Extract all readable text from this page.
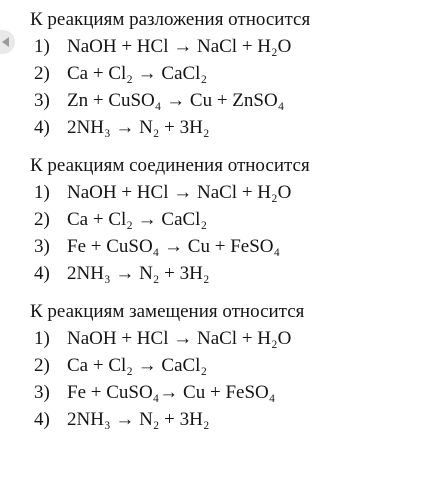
К реакциям разложения относится
1) NaOH + HCl → NaCl + H₂O
2) Ca + Cl₂ → CaCl₂
3) Zn + CuSO₄ → Cu + ZnSO₄
4) 2NH₃ → N₂ + 3H₂
К реакциям соединения относится
1) NaOH + HCl → NaCl + H₂O
2) Ca + Cl₂ → CaCl₂
3) Fe + CuSO₄ → Cu + FeSO₄
4) 2NH₃ → N₂ + 3H₂
К реакциям замещения относится
1) NaOH + HCl → NaCl + H₂O
2) Ca + Cl₂ → CaCl₂
3) Fe + CuSO₄→ Cu + FeSO₄
4) 2NH₃ → N₂ + 3H₂
